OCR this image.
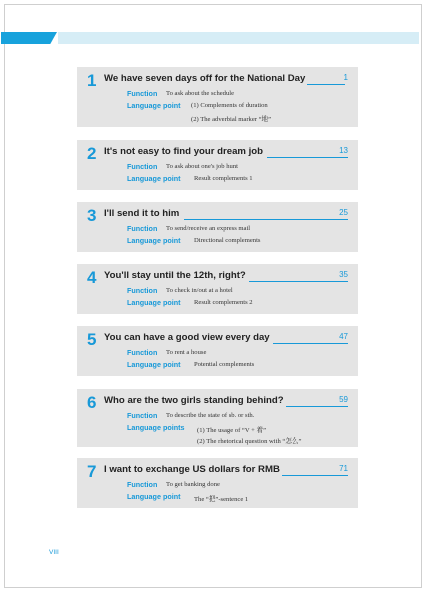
1 We have seven days off for the National Day	1
Function To ask about the schedule
Language point (1) Complements of duration
(2) The adverbial marker “地”
2 It's not easy to find your dream job	13
Function To ask about one's job hunt
Language point Result complements 1
3 I'll send it to him	25
Function To send/receive an express mail
Language point Directional complements
4 You'll stay until the 12th, right?	35
Function To check in/out at a hotel
Language point Result complements 2
5 You can have a good view every day	47
Function To rent a house
Language point Potential complements
6 Who are the two girls standing behind?	59
Function To describe the state of sb. or sth.
Language points (1) The usage of “V + 着”
(2) The rhetorical question with “怎么”
7 I want to exchange US dollars for RMB	71
Function To get banking done
Language point The “把”-sentence 1
VIII
